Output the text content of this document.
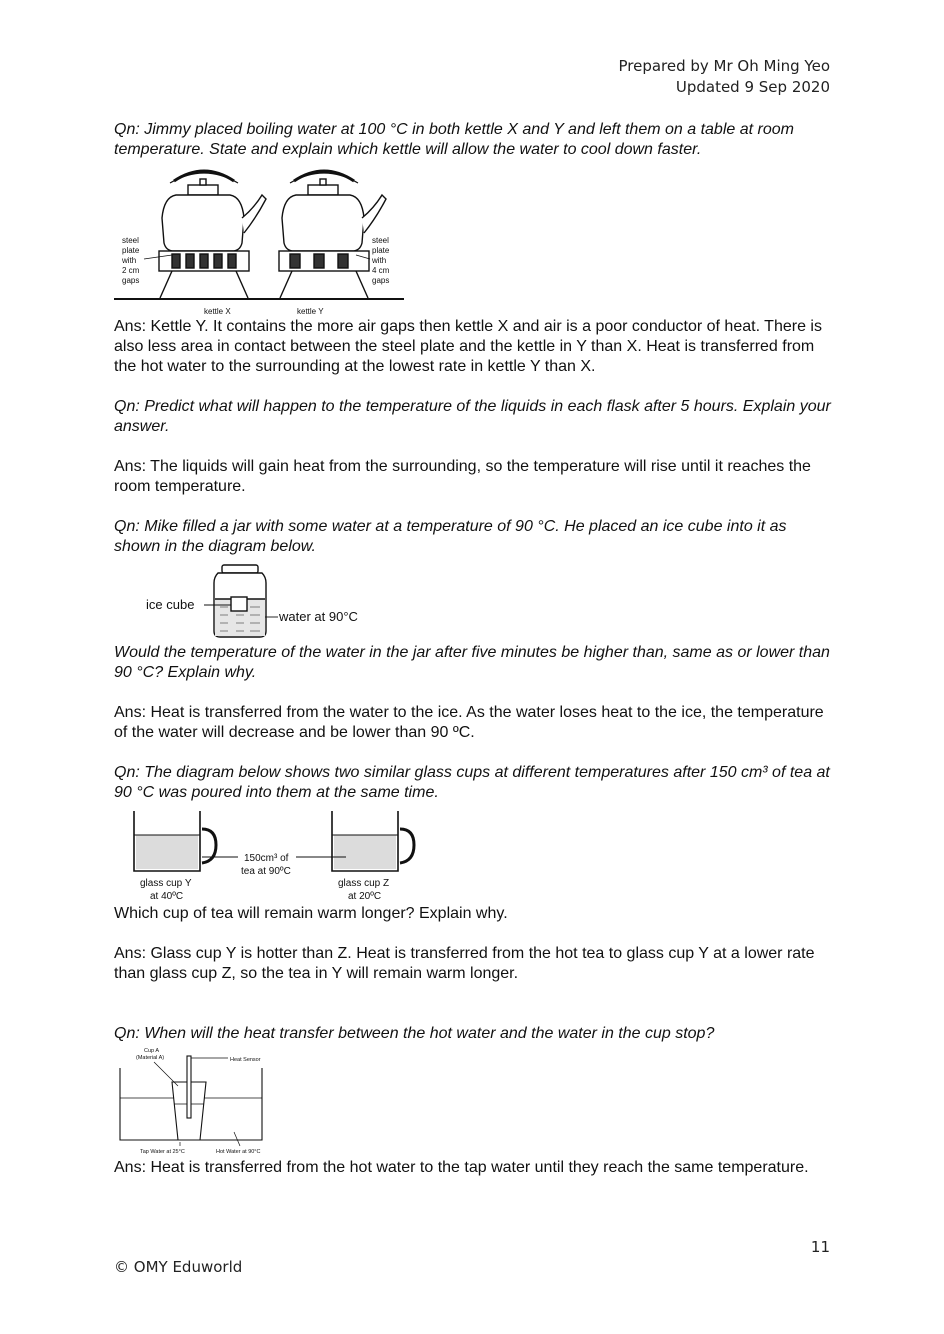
Prepared by Mr Oh Ming Yeo
Updated 9 Sep 2020

Qn: Jimmy placed boiling water at 100 °C in both kettle X and Y and left them on a table at room temperature. State and explain which kettle will allow the water to cool down faster.

steel
plate
with
2 cm
gaps
steel
plate
with
4 cm
gaps
kettle X	kettle Y

Ans: Kettle Y. It contains the more air gaps then kettle X and air is a poor conductor of heat. There is also less area in contact between the steel plate and the kettle in Y than X. Heat is transferred from the hot water to the surrounding at the lowest rate in kettle Y than X.

Qn: Predict what will happen to the temperature of the liquids in each flask after 5 hours. Explain your answer.

Ans: The liquids will gain heat from the surrounding, so the temperature will rise until it reaches the room temperature.

Qn: Mike filled a jar with some water at a temperature of 90 °C. He placed an ice cube into it as shown in the diagram below.

ice cube
water at 90°C

Would the temperature of the water in the jar after five minutes be higher than, same as or lower than 90 °C? Explain why.

Ans: Heat is transferred from the water to the ice. As the water loses heat to the ice, the temperature of the water will decrease and be lower than 90 ºC.

Qn: The diagram below shows two similar glass cups at different temperatures after 150 cm³ of tea at 90 °C was poured into them at the same time.

150cm³ of
tea at 90ºC
glass cup Y
at 40ºC
glass cup Z
at 20ºC

Which cup of tea will remain warm longer? Explain why.

Ans: Glass cup Y is hotter than Z. Heat is transferred from the hot tea to glass cup Y at a lower rate than glass cup Z, so the tea in Y will remain warm longer.

Qn: When will the heat transfer between the hot water and the water in the cup stop?

Cup A
(Material A)	Heat Sensor
Tap Water at 25°C	Hot Water at 90°C

Ans: Heat is transferred from the hot water to the tap water until they reach the same temperature.

11
© OMY Eduworld
